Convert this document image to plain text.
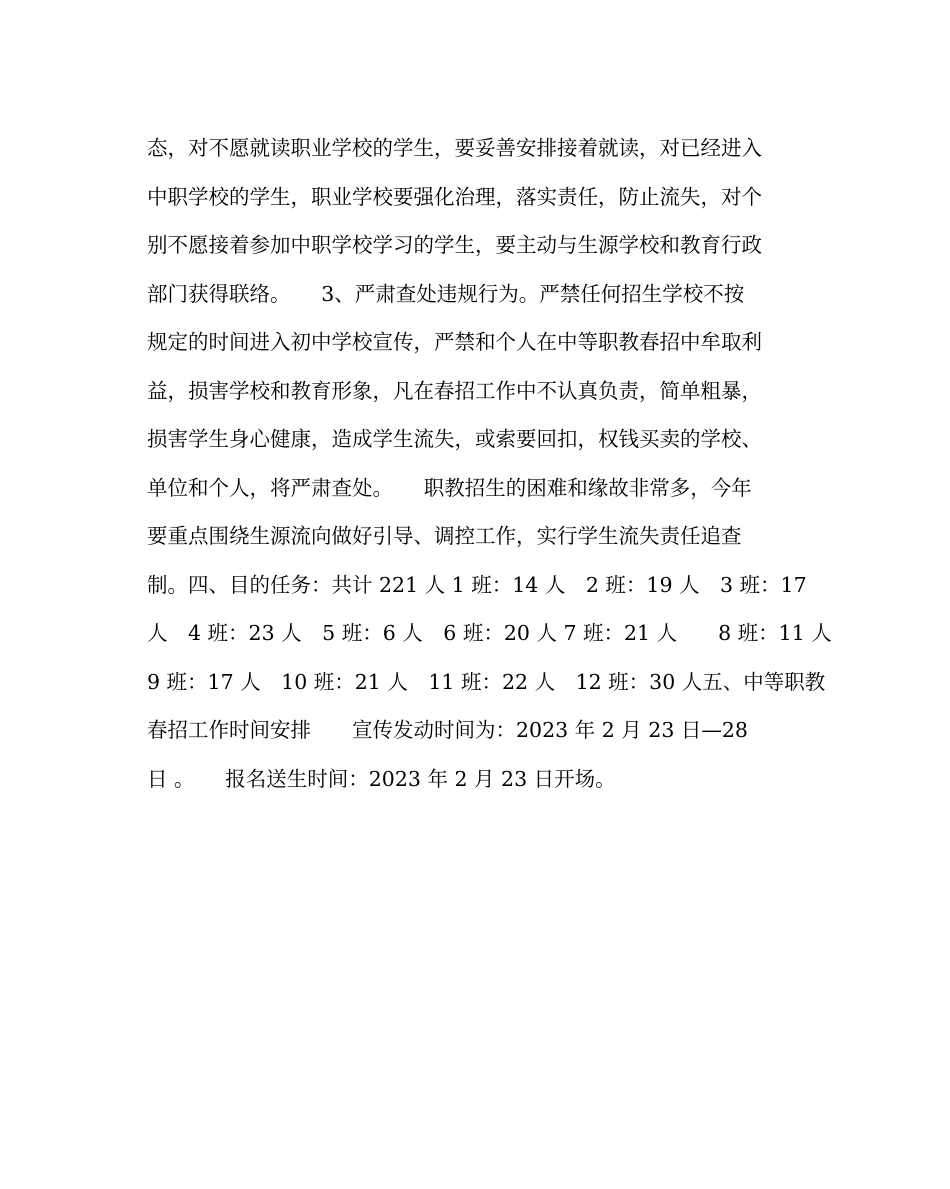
态，对不愿就读职业学校的学生，要妥善安排接着就读，对已经进入
中职学校的学生，职业学校要强化治理，落实责任，防止流失，对个
别不愿接着参加中职学校学习的学生，要主动与生源学校和教育行政
部门获得联络。　　3、严肃查处违规行为。严禁任何招生学校不按
规定的时间进入初中学校宣传，严禁和个人在中等职教春招中牟取利
益，损害学校和教育形象，凡在春招工作中不认真负责，简单粗暴，
损害学生身心健康，造成学生流失，或索要回扣，权钱买卖的学校、
单位和个人，将严肃查处。　　职教招生的困难和缘故非常多，今年
要重点围绕生源流向做好引导、调控工作，实行学生流失责任追查
制。四、目的任务：共计 221 人 1 班：14 人　2 班：19 人　3 班：17
人　4 班：23 人　5 班：6 人　6 班：20 人 7 班：21 人　　8 班：11 人
9 班：17 人　10 班：21 人　11 班：22 人　12 班：30 人五、中等职教
春招工作时间安排　　宣传发动时间为：2023 年 2 月 23 日—28
日 。　　报名送生时间：2023 年 2 月 23 日开场。
